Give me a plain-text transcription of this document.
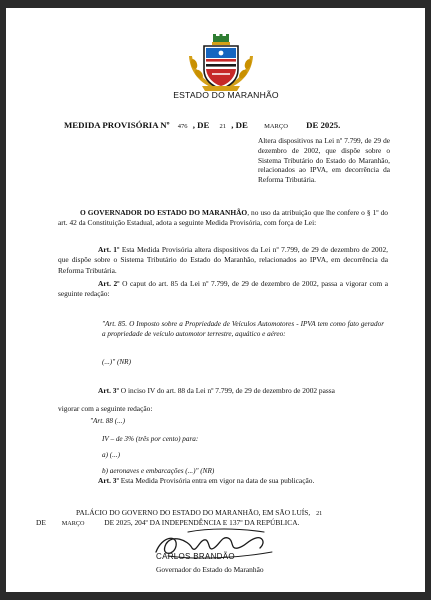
ESTADO DO MARANHÃO
MEDIDA PROVISÓRIA Nº 476 , DE 21 , DE MARÇO DE 2025.
Altera dispositivos na Lei nº 7.799, de 29 de dezembro de 2002, que dispõe sobre o Sistema Tributário do Estado do Maranhão, relacionados ao IPVA, em decorrência da Reforma Tributária.
O GOVERNADOR DO ESTADO DO MARANHÃO, no uso da atribuição que lhe confere o § 1º do art. 42 da Constituição Estadual, adota a seguinte Medida Provisória, com força de Lei:
Art. 1º Esta Medida Provisória altera dispositivos da Lei nº 7.799, de 29 de dezembro de 2002, que dispõe sobre o Sistema Tributário do Estado do Maranhão, relacionados ao IPVA, em decorrência da Reforma Tributária.
Art. 2º O caput do art. 85 da Lei nº 7.799, de 29 de dezembro de 2002, passa a vigorar com a seguinte redação:
"Art. 85. O Imposto sobre a Propriedade de Veículos Automotores - IPVA tem como fato gerador a propriedade de veículo automotor terrestre, aquático e aéreo:
(...)" (NR)
Art. 3º O inciso IV do art. 88 da Lei nº 7.799, de 29 de dezembro de 2002 passa
vigorar com a seguinte redação:
"Art. 88 (...)
IV – de 3% (três por cento) para:
a) (...)
b) aeronaves e embarcações (...)" (NR)
Art. 3º Esta Medida Provisória entra em vigor na data de sua publicação.
PALÁCIO DO GOVERNO DO ESTADO DO MARANHÃO, EM SÃO LUÍS, 21
DE	MARÇO	DE 2025, 204º DA INDEPENDÊNCIA E 137º DA REPÚBLICA.
CARLOS BRANDÃO
Governador do Estado do Maranhão
